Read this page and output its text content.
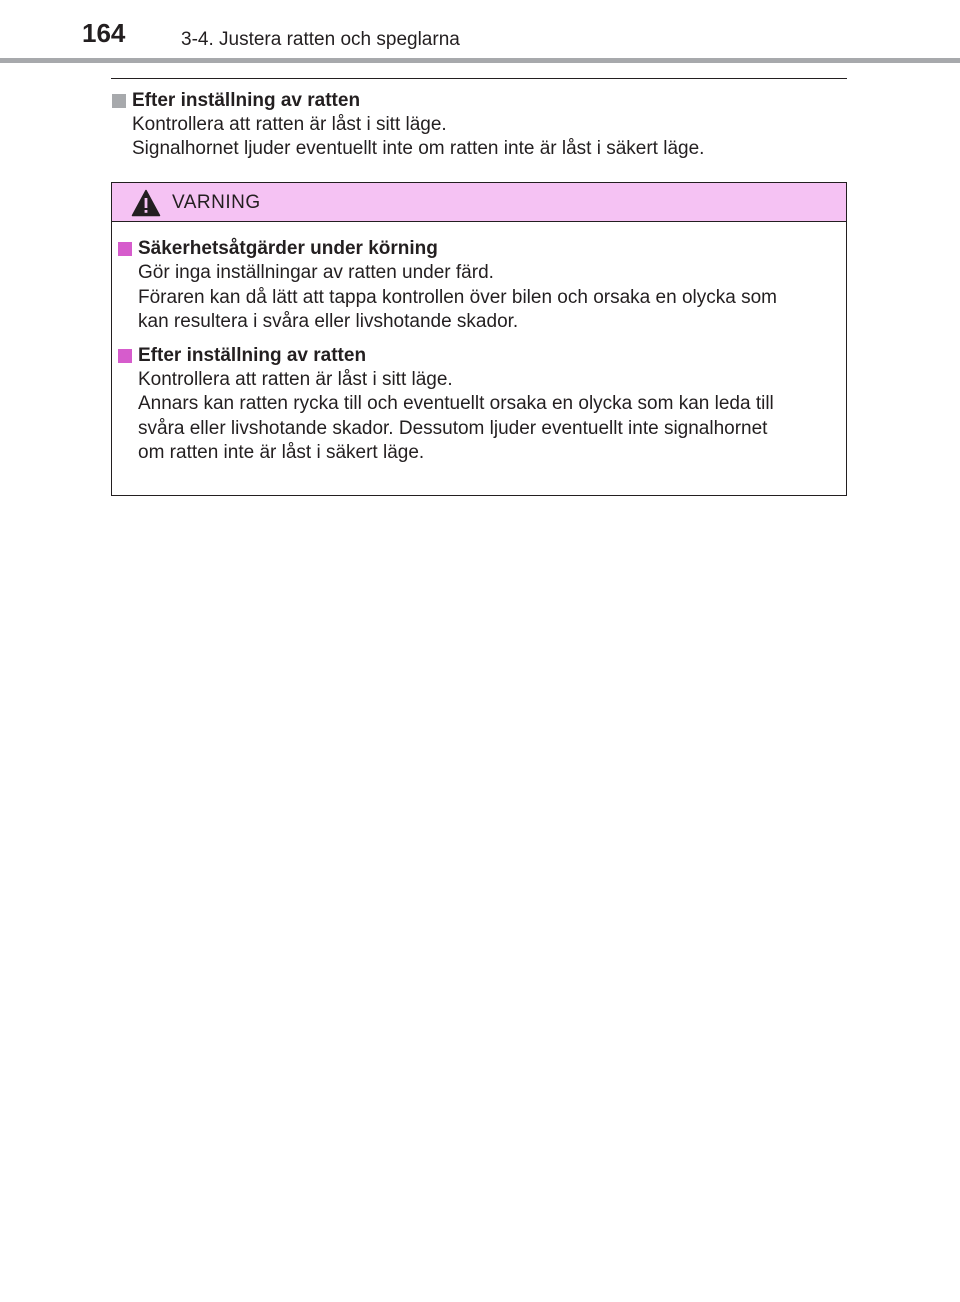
164	3-4. Justera ratten och speglarna
Efter inställning av ratten
Kontrollera att ratten är låst i sitt läge.
Signalhornet ljuder eventuellt inte om ratten inte är låst i säkert läge.
VARNING
Säkerhetsåtgärder under körning
Gör inga inställningar av ratten under färd.
Föraren kan då lätt att tappa kontrollen över bilen och orsaka en olycka som
kan resultera i svåra eller livshotande skador.
Efter inställning av ratten
Kontrollera att ratten är låst i sitt läge.
Annars kan ratten rycka till och eventuellt orsaka en olycka som kan leda till
svåra eller livshotande skador. Dessutom ljuder eventuellt inte signalhornet
om ratten inte är låst i säkert läge.
